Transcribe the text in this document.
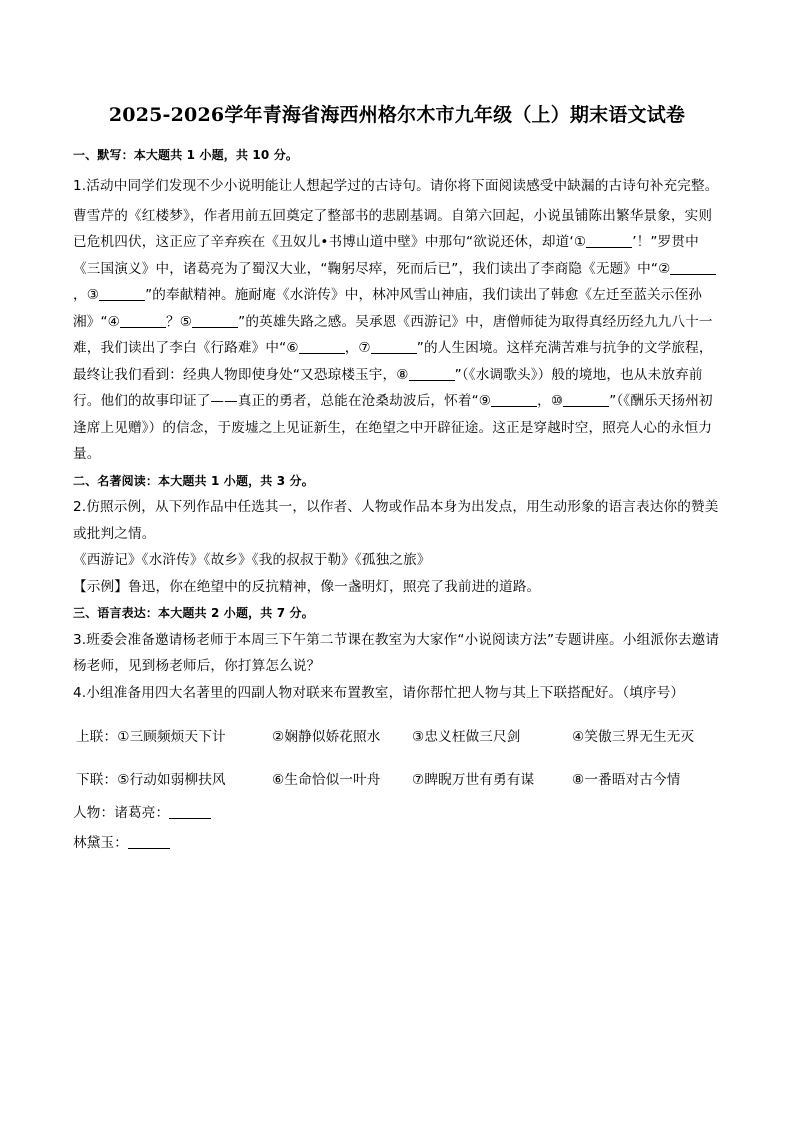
2025-2026学年青海省海西州格尔木市九年级（上）期末语文试卷

一、默写：本大题共 1 小题，共 10 分。

1.活动中同学们发现不少小说明能让人想起学过的古诗句。请你将下面阅读感受中缺漏的古诗句补充完整。

曹雪芹的《红楼梦》，作者用前五回奠定了整部书的悲剧基调。自第六回起，小说虽铺陈出繁华景象，实则已危机四伏，这正应了辛弃疾在《丑奴儿•书博山道中壁》中那句“欲说还休，却道‘①	’！”罗贯中《三国演义》中，诸葛亮为了蜀汉大业，“鞠躬尽瘁，死而后已”，我们读出了李商隐《无题》中“②，③	”的奉献精神。施耐庵《水浒传》中，林冲风雪山神庙，我们读出了韩愈《左迁至蓝关示侄孙湘》“④	？⑤	”的英雄失路之感。吴承恩《西游记》中，唐僧师徒为取得真经历经九九八十一难，我们读出了李白《行路难》中“⑥	，⑦	”的人生困境。这样充满苦难与抗争的文学旅程，最终让我们看到：经典人物即使身处“又恐琼楼玉宇，⑧	”（《水调歌头》）般的境地，也从未放弃前行。他们的故事印证了——真正的勇者，总能在沧桑劫波后，怀着“⑨	，⑩	”（《酬乐天扬州初逢席上见赠》）的信念，于废墟之上见证新生，在绝望之中开辟征途。这正是穿越时空，照亮人心的永恒力量。

二、名著阅读：本大题共 1 小题，共 3 分。

2.仿照示例，从下列作品中任选其一，以作者、人物或作品本身为出发点，用生动形象的语言表达你的赞美或批判之情。

《西游记》《水浒传》《故乡》《我的叔叔于勒》《孤独之旅》

【示例】鲁迅，你在绝望中的反抗精神，像一盏明灯，照亮了我前进的道路。

三、语言表达：本大题共 2 小题，共 7 分。

3.班委会准备邀请杨老师于本周三下午第二节课在教室为大家作“小说阅读方法”专题讲座。小组派你去邀请杨老师，见到杨老师后，你打算怎么说？

4.小组准备用四大名著里的四副人物对联来布置教室，请你帮忙把人物与其上下联搭配好。（填序号）

上联：①三顾频烦天下计	②娴静似娇花照水	③忠义枉做三尺剑	④笑傲三界无生无灭
下联：⑤行动如弱柳扶风	⑥生命恰似一叶舟	⑦睥睨万世有勇有谋	⑧一番晤对古今情

人物：诸葛亮：

林黛玉：
